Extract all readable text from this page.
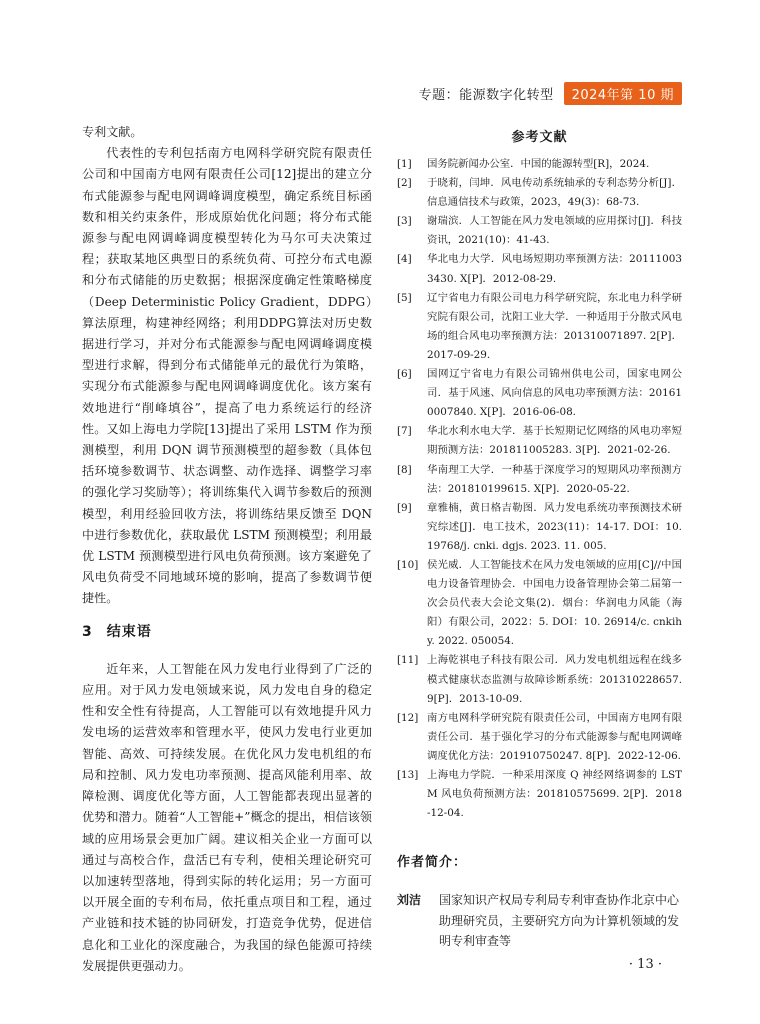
专题：能源数字化转型	2024年第 10 期

专利文献。

代表性的专利包括南方电网科学研究院有限责任公司和中国南方电网有限责任公司[12]提出的建立分布式能源参与配电网调峰调度模型，确定系统目标函数和相关约束条件，形成原始优化问题；将分布式能源参与配电网调峰调度模型转化为马尔可夫决策过程；获取某地区典型日的系统负荷、可控分布式电源和分布式储能的历史数据；根据深度确定性策略梯度（Deep Deterministic Policy Gradient，DDPG）算法原理，构建神经网络；利用DDPG算法对历史数据进行学习，并对分布式能源参与配电网调峰调度模型进行求解，得到分布式储能单元的最优行为策略，实现分布式能源参与配电网调峰调度优化。该方案有效地进行“削峰填谷”，提高了电力系统运行的经济性。又如上海电力学院[13]提出了采用 LSTM 作为预测模型，利用 DQN 调节预测模型的超参数（具体包括环境参数调节、状态调整、动作选择、调整学习率的强化学习奖励等）；将训练集代入调节参数后的预测模型，利用经验回收方法，将训练结果反馈至 DQN 中进行参数优化，获取最优 LSTM 预测模型；利用最优 LSTM 预测模型进行风电负荷预测。该方案避免了风电负荷受不同地域环境的影响，提高了参数调节便捷性。

3 结束语

近年来，人工智能在风力发电行业得到了广泛的应用。对于风力发电领域来说，风力发电自身的稳定性和安全性有待提高，人工智能可以有效地提升风力发电场的运营效率和管理水平，使风力发电行业更加智能、高效、可持续发展。在优化风力发电机组的布局和控制、风力发电功率预测、提高风能利用率、故障检测、调度优化等方面，人工智能都表现出显著的优势和潜力。随着“人工智能+”概念的提出，相信该领域的应用场景会更加广阔。建议相关企业一方面可以通过与高校合作，盘活已有专利，使相关理论研究可以加速转型落地，得到实际的转化运用；另一方面可以开展全面的专利布局，依托重点项目和工程，通过产业链和技术链的协同研发，打造竞争优势，促进信息化和工业化的深度融合，为我国的绿色能源可持续发展提供更强动力。

参考文献
[1]	国务院新闻办公室．中国的能源转型[R]，2024.
[2]	于晓莉，闫坤．风电传动系统轴承的专利态势分析[J]．信息通信技术与政策，2023，49(3)：68-73.
[3]	谢瑞滨．人工智能在风力发电领域的应用探讨[J]．科技资讯，2021(10)：41-43.
[4]	华北电力大学．风电场短期功率预测方法：201110033430. X[P]．2012-08-29.
[5]	辽宁省电力有限公司电力科学研究院，东北电力科学研究院有限公司，沈阳工业大学．一种适用于分散式风电场的组合风电功率预测方法：201310071897. 2[P]．2017-09-29.
[6]	国网辽宁省电力有限公司锦州供电公司，国家电网公司．基于风速、风向信息的风电功率预测方法：201610007840. X[P]．2016-06-08.
[7]	华北水利水电大学．基于长短期记忆网络的风电功率短期预测方法：201811005283. 3[P]．2021-02-26.
[8]	华南理工大学．一种基于深度学习的短期风功率预测方法：201810199615. X[P]．2020-05-22.
[9]	章雅楠，黄日格吉勒图．风力发电系统功率预测技术研究综述[J]．电工技术，2023(11)：14-17. DOI：10. 19768/j. cnki. dgjs. 2023. 11. 005.
[10] 侯光威．人工智能技术在风力发电领域的应用[C]//中国电力设备管理协会．中国电力设备管理协会第二届第一次会员代表大会论文集(2)．烟台：华润电力风能（海阳）有限公司，2022：5. DOI：10. 26914/c. cnkihy. 2022. 050054.
[11] 上海乾祺电子科技有限公司．风力发电机组远程在线多模式健康状态监测与故障诊断系统：201310228657. 9[P]．2013-10-09.
[12] 南方电网科学研究院有限责任公司，中国南方电网有限责任公司．基于强化学习的分布式能源参与配电网调峰调度优化方法：201910750247. 8[P]．2022-12-06.
[13] 上海电力学院．一种采用深度 Q 神经网络调参的 LSTM 风电负荷预测方法：201810575699. 2[P]．2018-12-04.
作者简介：
刘洁	国家知识产权局专利局专利审查协作北京中心助理研究员，主要研究方向为计算机领域的发明专利审查等
· 13 ·
